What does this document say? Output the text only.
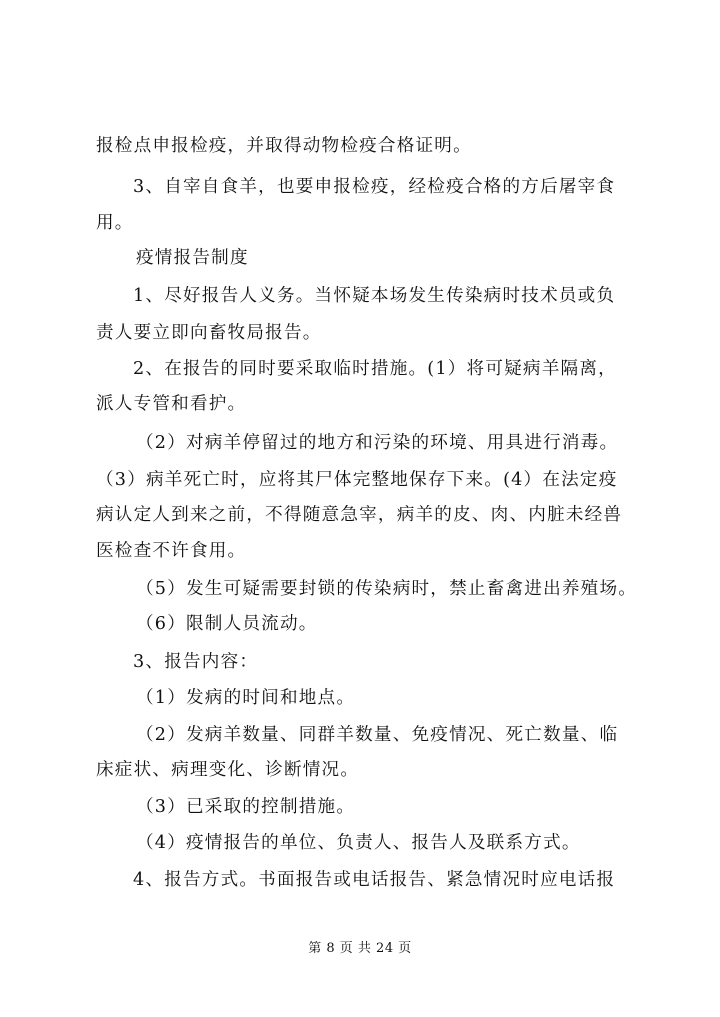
报检点申报检疫，并取得动物检疫合格证明。
3、自宰自食羊，也要申报检疫，经检疫合格的方后屠宰食
用。
疫情报告制度
1、尽好报告人义务。当怀疑本场发生传染病时技术员或负
责人要立即向畜牧局报告。
2、在报告的同时要采取临时措施。(1）将可疑病羊隔离，
派人专管和看护。
（2）对病羊停留过的地方和污染的环境、用具进行消毒。
（3）病羊死亡时，应将其尸体完整地保存下来。(4）在法定疫
病认定人到来之前，不得随意急宰，病羊的皮、肉、内脏未经兽
医检查不许食用。
（5）发生可疑需要封锁的传染病时，禁止畜禽进出养殖场。
（6）限制人员流动。
3、报告内容：
（1）发病的时间和地点。
（2）发病羊数量、同群羊数量、免疫情况、死亡数量、临
床症状、病理变化、诊断情况。
（3）已采取的控制措施。
（4）疫情报告的单位、负责人、报告人及联系方式。
4、报告方式。书面报告或电话报告、紧急情况时应电话报
第 8 页 共 24 页
